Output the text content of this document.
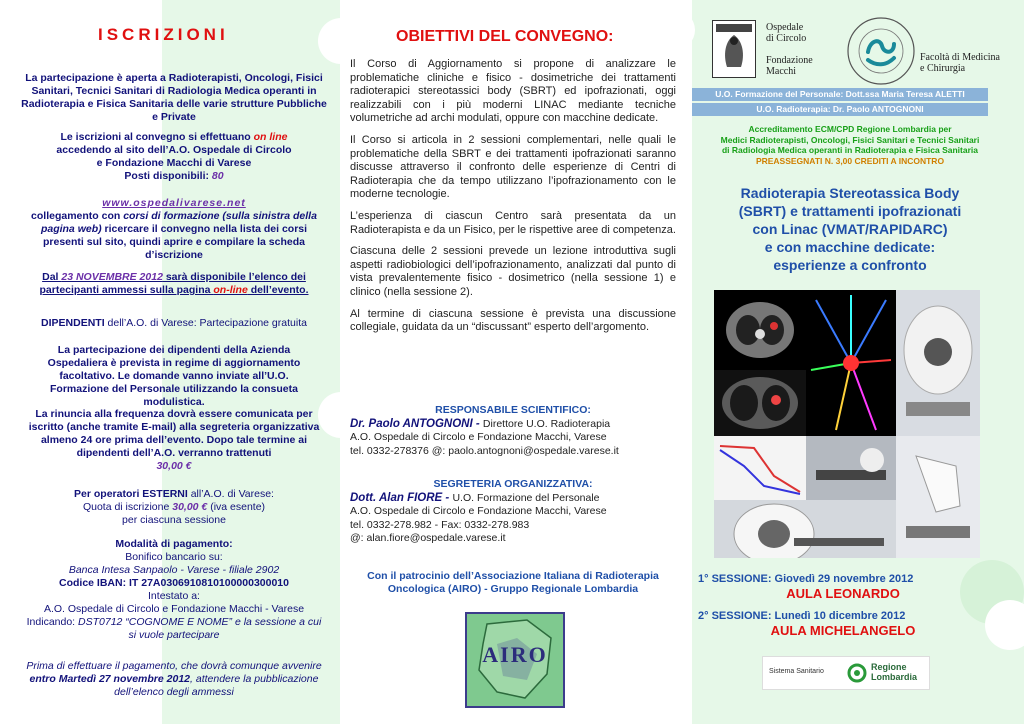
ISCRIZIONI

La partecipazione è aperta a Radioterapisti, Oncologi, Fisici Sanitari, Tecnici Sanitari di Radiologia Medica operanti in Radioterapia e Fisica Sanitaria delle varie strutture Pubbliche e Private

Le iscrizioni al convegno si effettuano on line

accedendo al sito dell’A.O. Ospedale di Circolo

e Fondazione Macchi di Varese

Posti disponibili: 80

www.ospedalivarese.net

collegamento con corsi di formazione (sulla sinistra della pagina web) ricercare il convegno nella lista dei corsi presenti sul sito, quindi aprire e compilare la scheda d’iscrizione

Dal 23 NOVEMBRE 2012 sarà disponibile l’elenco dei partecipanti ammessi sulla pagina on-line dell’evento.

DIPENDENTI dell’A.O. di Varese: Partecipazione gratuita

La partecipazione dei dipendenti della Azienda Ospedaliera è prevista in regime di aggiornamento facoltativo. Le domande vanno inviate all’U.O. Formazione del Personale utilizzando la consueta modulistica.

La rinuncia alla frequenza dovrà essere comunicata per iscritto (anche tramite E-mail) alla segreteria organizzativa almeno 24 ore prima dell’evento. Dopo tale termine ai dipendenti dell’A.O. verranno trattenuti
30,00 €

Per operatori ESTERNI all’A.O. di Varese:

Quota di iscrizione 30,00 € (iva esente)

per ciascuna sessione

Modalità di pagamento:

Bonifico bancario su:

Banca Intesa Sanpaolo - Varese - filiale 2902

Codice IBAN: IT 27A0306910810100000300010

Intestato a:

A.O. Ospedale di Circolo e Fondazione Macchi - Varese

Indicando: DST0712 “COGNOME E NOME” e la sessione a cui si vuole partecipare

Prima di effettuare il pagamento, che dovrà comunque avvenire entro Martedì 27 novembre 2012, attendere la pubblicazione dell’elenco degli ammessi

OBIETTIVI DEL CONVEGNO:

Il Corso di Aggiornamento si propone di analizzare le problematiche cliniche e fisico - dosimetriche dei trattamenti radioterapici stereotassici body (SBRT) ed ipofrazionati, oggi realizzabili con i più moderni LINAC mediante tecniche volumetriche ad archi modulati, oppure con macchine dedicate.

Il Corso si articola in 2 sessioni complementari, nelle quali le problematiche della SBRT e dei trattamenti ipofrazionati saranno discusse attraverso il confronto delle esperienze di Centri di Radioterapia che da tempo utilizzano l’ipofrazionamento con le moderne tecnologie.

L’esperienza di ciascun Centro sarà presentata da un Radioterapista e da un Fisico, per le rispettive aree di competenza.

Ciascuna delle 2 sessioni prevede un lezione introduttiva sugli aspetti radiobiologici dell’ipofrazionamento, analizzati dal punto di vista prevalentemente fisico - dosimetrico (nella sessione 1) e clinico (nella sessione 2).

Al termine di ciascuna sessione è prevista una discussione collegiale, guidata da un “discussant” esperto dell’argomento.

RESPONSABILE SCIENTIFICO:

Dr. Paolo ANTOGNONI - Direttore U.O. Radioterapia

A.O. Ospedale di Circolo e Fondazione Macchi, Varese

tel. 0332-278376 @: paolo.antognoni@ospedale.varese.it

SEGRETERIA ORGANIZZATIVA:

Dott. Alan FIORE - U.O. Formazione del Personale

A.O. Ospedale di Circolo e Fondazione Macchi, Varese

tel. 0332-278.982 - Fax: 0332-278.983

@: alan.fiore@ospedale.varese.it

Con il patrocinio dell’Associazione Italiana di Radioterapia Oncologica (AIRO) - Gruppo Regionale Lombardia

AIRO

Ospedale

di Circolo

Fondazione

Macchi

Facoltà di Medicina

e Chirurgia

U.O. Formazione del Personale: Dott.ssa Maria Teresa ALETTI
U.O. Radioterapia: Dr. Paolo ANTOGNONI

Accreditamento ECM/CPD Regione Lombardia per

Medici Radioterapisti, Oncologi, Fisici Sanitari e Tecnici Sanitari

di Radiologia Medica operanti in Radioterapia e Fisica Sanitaria

PREASSEGNATI N. 3,00 CREDITI A INCONTRO

Radioterapia Stereotassica Body

(SBRT) e trattamenti ipofrazionati

con Linac (VMAT/RAPIDARC)

e con macchine dedicate:

esperienze a confronto

1° SESSIONE: Giovedì 29 novembre 2012

AULA LEONARDO

2° SESSIONE: Lunedì 10 dicembre 2012

AULA MICHELANGELO

Sistema Sanitario	Regione

Lombardia
